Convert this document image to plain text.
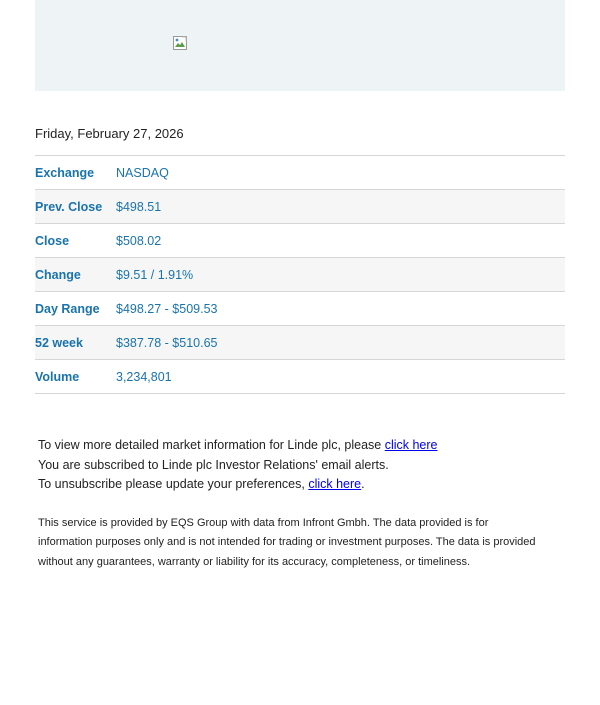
Friday, February 27, 2026
Exchange	NASDAQ
Prev. Close	$498.51
Close	$508.02
Change	$9.51 / 1.91%
Day Range	$498.27 - $509.53
52 week	$387.78 - $510.65
Volume	3,234,801
To view more detailed market information for Linde plc, please click here
You are subscribed to Linde plc Investor Relations' email alerts.
To unsubscribe please update your preferences, click here.
This service is provided by EQS Group with data from Infront Gmbh. The data provided is for information purposes only and is not intended for trading or investment purposes. The data is provided without any guarantees, warranty or liability for its accuracy, completeness, or timeliness.
